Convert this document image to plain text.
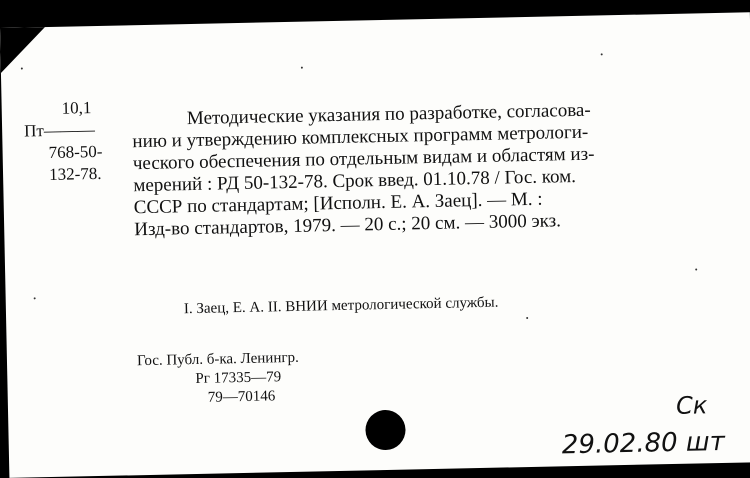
10,1
Пт———
768-50-
132-78.
Методические указания по разработке, согласова-
нию и утверждению комплексных программ метрологи-
ческого обеспечения по отдельным видам и областям из-
мерений : РД 50-132-78. Срок введ. 01.10.78 / Гос. ком.
СССР по стандартам; [Исполн. Е. А. Заец]. — М. :
Изд-во стандартов, 1979. — 20 с.; 20 см. — 3000 экз.
I. Заец, Е. А. II. ВНИИ метрологической службы.
Гос. Публ. б-ка. Ленингр.
Рг 17335—79
79—70146	Ск
29.02.80 шт
